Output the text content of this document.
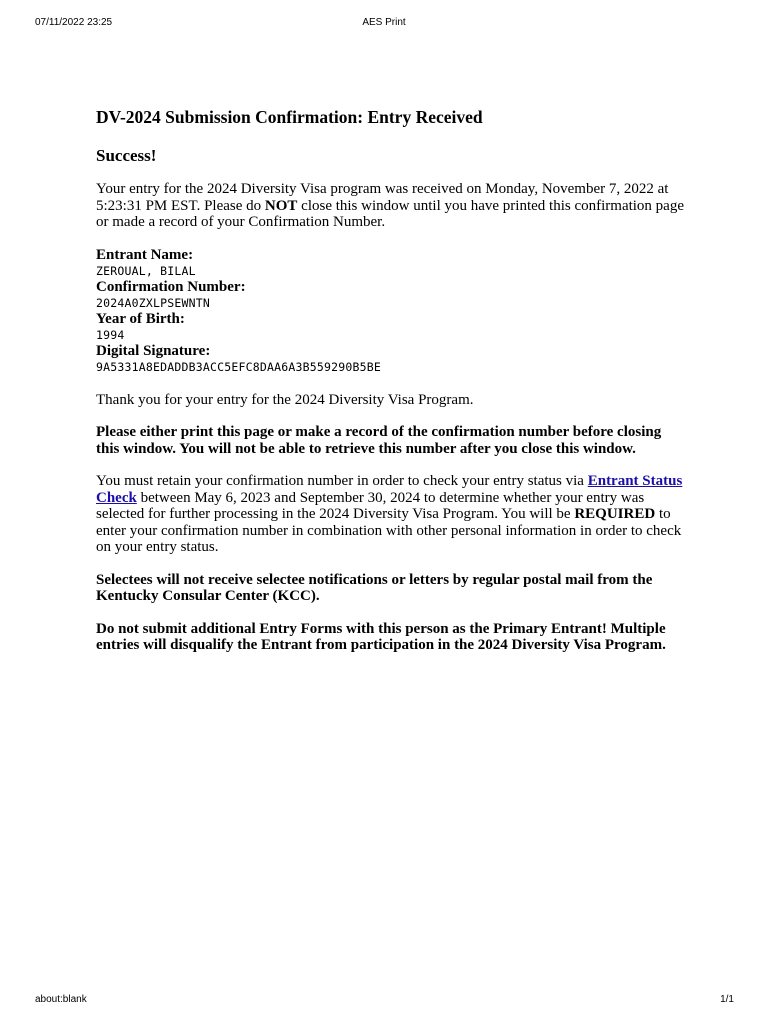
07/11/2022 23:25	AES Print
DV-2024 Submission Confirmation: Entry Received
Success!

Your entry for the 2024 Diversity Visa program was received on Monday, November 7, 2022 at 5:23:31 PM EST. Please do NOT close this window until you have printed this confirmation page or made a record of your Confirmation Number.

Entrant Name:
ZEROUAL, BILAL
Confirmation Number:
2024A0ZXLPSEWNTN
Year of Birth:
1994
Digital Signature:
9A5331A8EDADDB3ACC5EFC8DAA6A3B559290B5BE

Thank you for your entry for the 2024 Diversity Visa Program.

Please either print this page or make a record of the confirmation number before closing this window. You will not be able to retrieve this number after you close this window.

You must retain your confirmation number in order to check your entry status via Entrant Status Check between May 6, 2023 and September 30, 2024 to determine whether your entry was selected for further processing in the 2024 Diversity Visa Program. You will be REQUIRED to enter your confirmation number in combination with other personal information in order to check on your entry status.

Selectees will not receive selectee notifications or letters by regular postal mail from the Kentucky Consular Center (KCC).

Do not submit additional Entry Forms with this person as the Primary Entrant! Multiple entries will disqualify the Entrant from participation in the 2024 Diversity Visa Program.

about:blank	1/1
